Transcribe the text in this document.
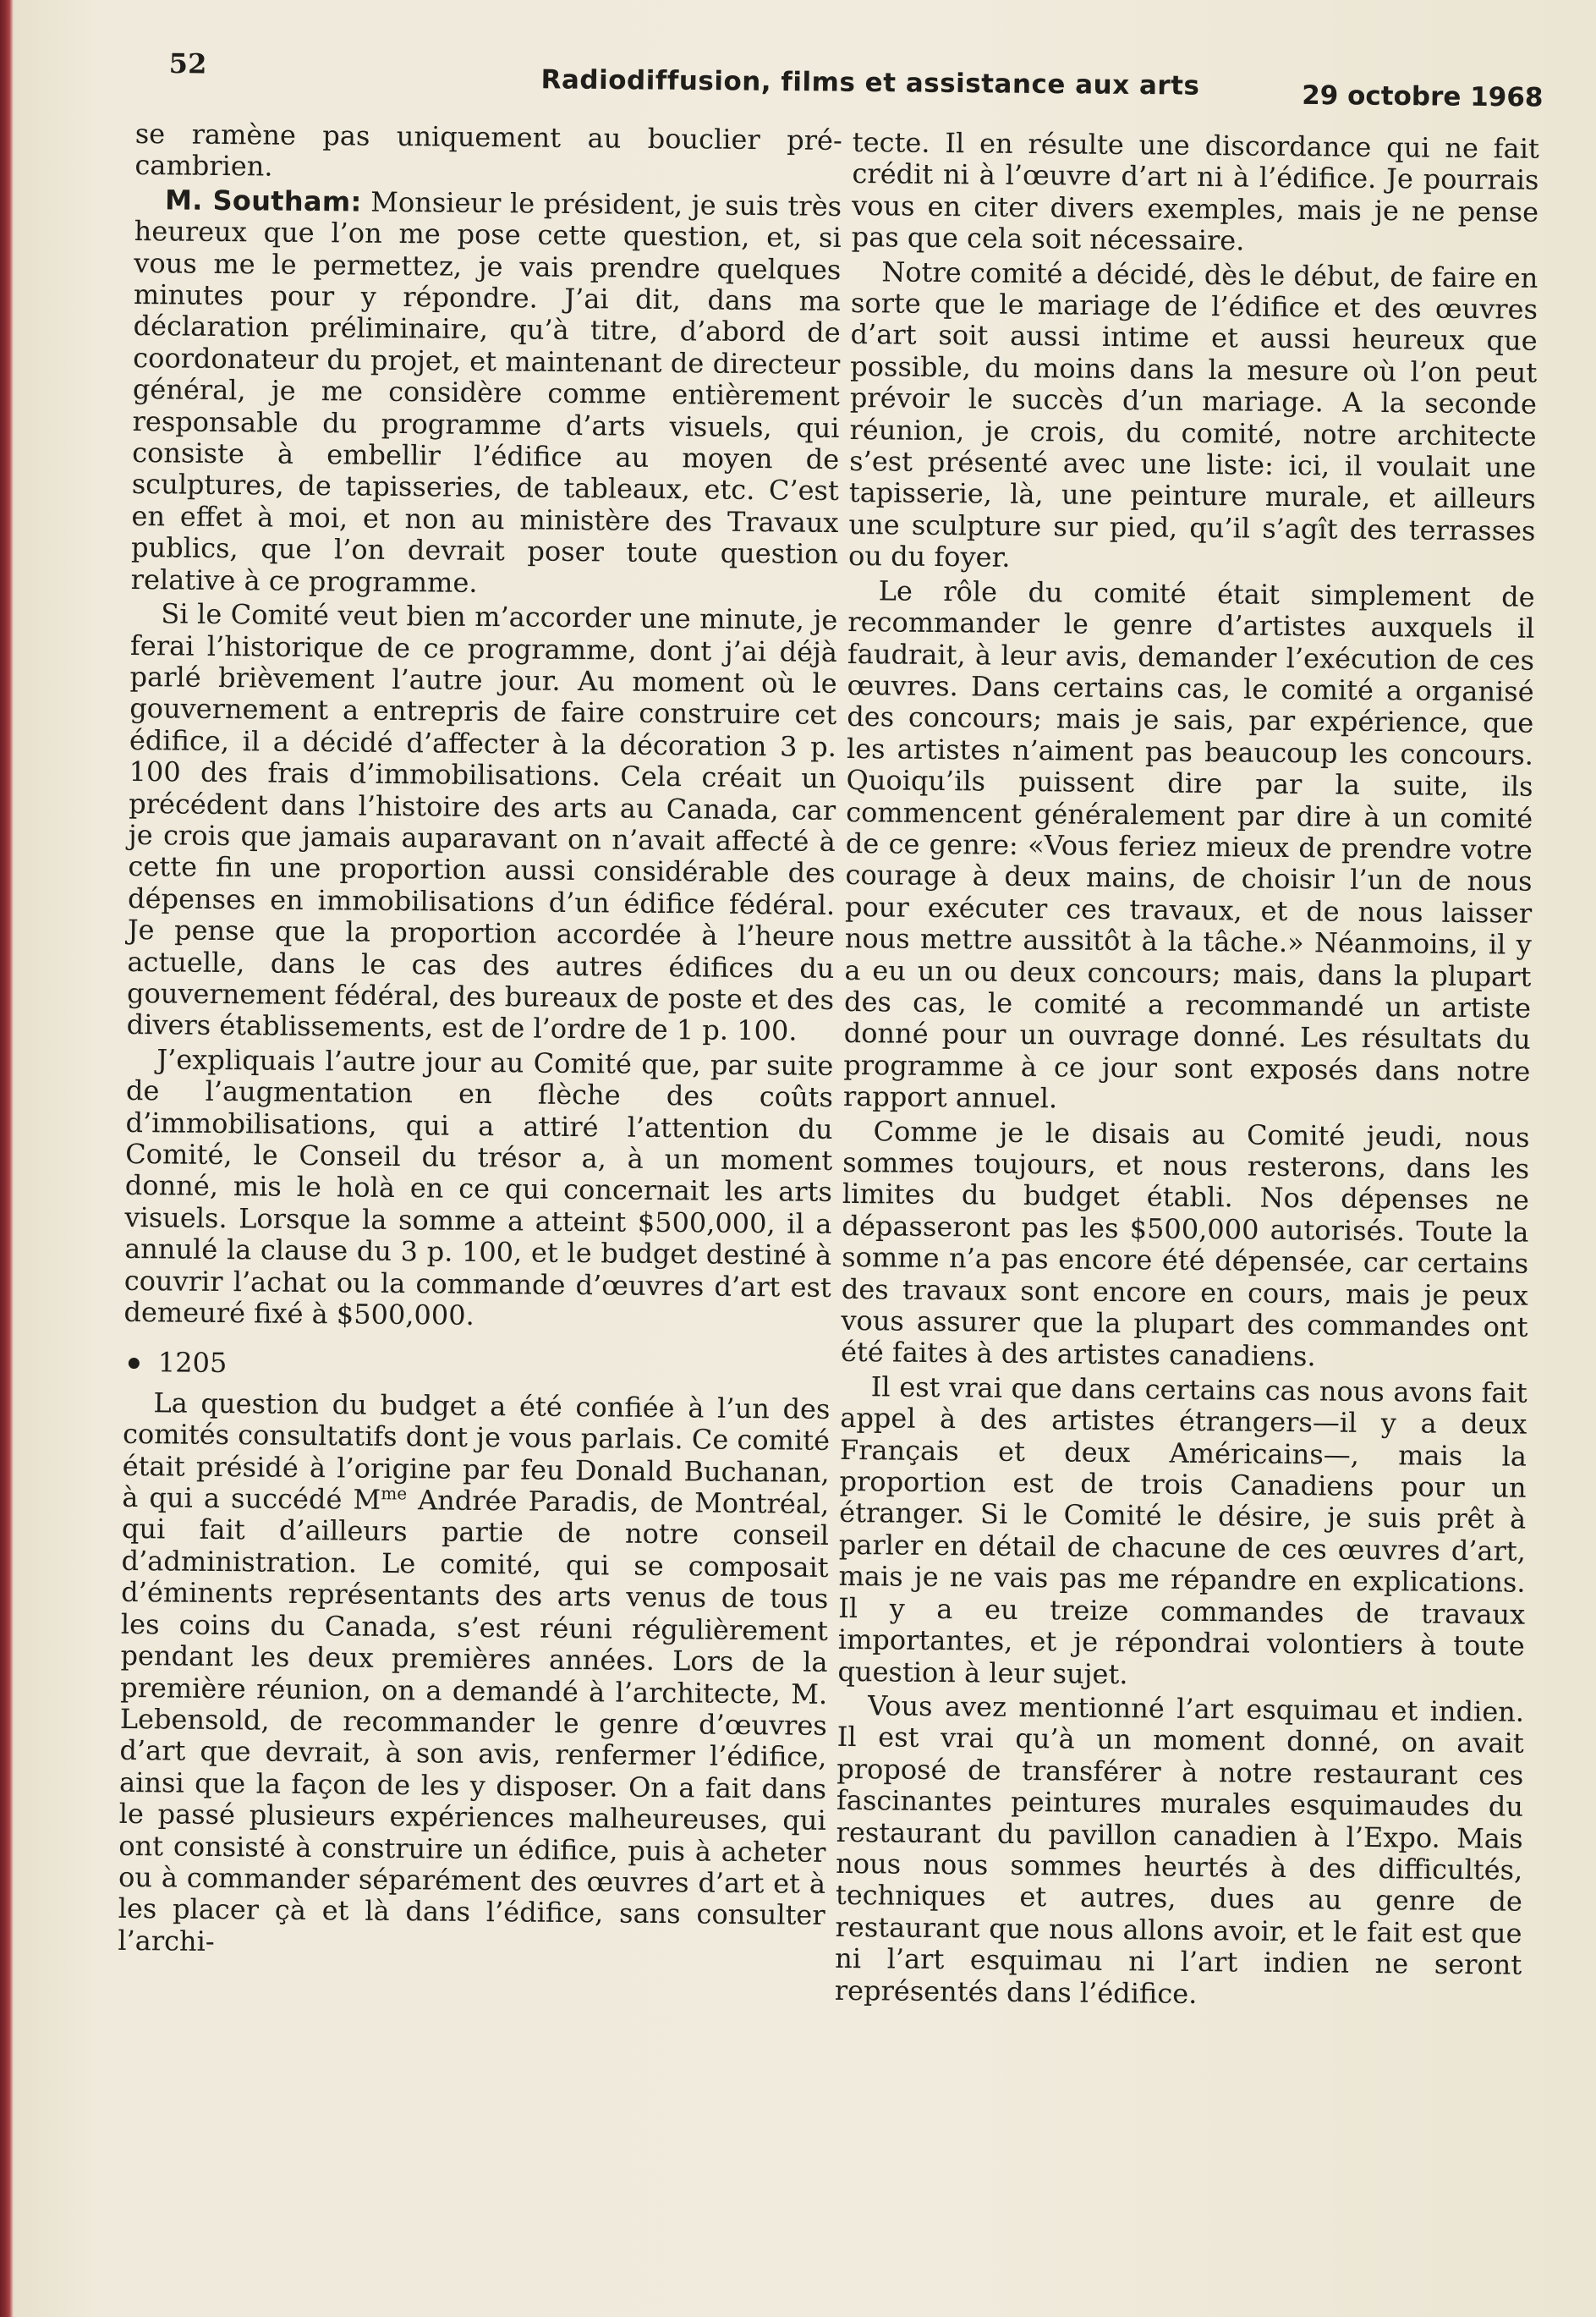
52
Radiodiffusion, films et assistance aux arts	29 octobre 1968

se ramène pas uniquement au bouclier pré-cambrien.

M. Southam: Monsieur le président, je suis très heureux que l’on me pose cette question, et, si vous me le permettez, je vais prendre quelques minutes pour y répondre. J’ai dit, dans ma déclaration préliminaire, qu’à titre, d’abord de coordonateur du projet, et maintenant de directeur général, je me considère comme entièrement responsable du programme d’arts visuels, qui consiste à embellir l’édifice au moyen de sculptures, de tapisseries, de tableaux, etc. C’est en effet à moi, et non au ministère des Travaux publics, que l’on devrait poser toute question relative à ce programme.

Si le Comité veut bien m’accorder une minute, je ferai l’historique de ce programme, dont j’ai déjà parlé brièvement l’autre jour. Au moment où le gouvernement a entrepris de faire construire cet édifice, il a décidé d’affecter à la décoration 3 p. 100 des frais d’immobilisations. Cela créait un précédent dans l’histoire des arts au Canada, car je crois que jamais auparavant on n’avait affecté à cette fin une proportion aussi considérable des dépenses en immobilisations d’un édifice fédéral. Je pense que la proportion accordée à l’heure actuelle, dans le cas des autres édifices du gouvernement fédéral, des bureaux de poste et des divers établissements, est de l’ordre de 1 p. 100.

J’expliquais l’autre jour au Comité que, par suite de l’augmentation en flèche des coûts d’immobilisations, qui a attiré l’attention du Comité, le Conseil du trésor a, à un moment donné, mis le holà en ce qui concernait les arts visuels. Lorsque la somme a atteint $500,000, il a annulé la clause du 3 p. 100, et le budget destiné à couvrir l’achat ou la commande d’œuvres d’art est demeuré fixé à $500,000.

1205

La question du budget a été confiée à l’un des comités consultatifs dont je vous parlais. Ce comité était présidé à l’origine par feu Donald Buchanan, à qui a succédé $M^{me}$ Andrée Paradis, de Montréal, qui fait d’ailleurs partie de notre conseil d’administration. Le comité, qui se composait d’éminents représentants des arts venus de tous les coins du Canada, s’est réuni régulièrement pendant les deux premières années. Lors de la première réunion, on a demandé à l’architecte, M. Lebensold, de recommander le genre d’œuvres d’art que devrait, à son avis, renfermer l’édifice, ainsi que la façon de les y disposer. On a fait dans le passé plusieurs expériences malheureuses, qui ont consisté à construire un édifice, puis à acheter ou à commander séparément des œuvres d’art et à les placer çà et là dans l’édifice, sans consulter l’archi-

tecte. Il en résulte une discordance qui ne fait crédit ni à l’œuvre d’art ni à l’édifice. Je pourrais vous en citer divers exemples, mais je ne pense pas que cela soit nécessaire.

Notre comité a décidé, dès le début, de faire en sorte que le mariage de l’édifice et des œuvres d’art soit aussi intime et aussi heureux que possible, du moins dans la mesure où l’on peut prévoir le succès d’un mariage. A la seconde réunion, je crois, du comité, notre architecte s’est présenté avec une liste: ici, il voulait une tapisserie, là, une peinture murale, et ailleurs une sculpture sur pied, qu’il s’agît des terrasses ou du foyer.

Le rôle du comité était simplement de recommander le genre d’artistes auxquels il faudrait, à leur avis, demander l’exécution de ces œuvres. Dans certains cas, le comité a organisé des concours; mais je sais, par expérience, que les artistes n’aiment pas beaucoup les concours. Quoiqu’ils puissent dire par la suite, ils commencent généralement par dire à un comité de ce genre: «Vous feriez mieux de prendre votre courage à deux mains, de choisir l’un de nous pour exécuter ces travaux, et de nous laisser nous mettre aussitôt à la tâche.» Néanmoins, il y a eu un ou deux concours; mais, dans la plupart des cas, le comité a recommandé un artiste donné pour un ouvrage donné. Les résultats du programme à ce jour sont exposés dans notre rapport annuel.

Comme je le disais au Comité jeudi, nous sommes toujours, et nous resterons, dans les limites du budget établi. Nos dépenses ne dépasseront pas les $500,000 autorisés. Toute la somme n’a pas encore été dépensée, car certains des travaux sont encore en cours, mais je peux vous assurer que la plupart des commandes ont été faites à des artistes canadiens.

Il est vrai que dans certains cas nous avons fait appel à des artistes étrangers—il y a deux Français et deux Américains—, mais la proportion est de trois Canadiens pour un étranger. Si le Comité le désire, je suis prêt à parler en détail de chacune de ces œuvres d’art, mais je ne vais pas me répandre en explications. Il y a eu treize commandes de travaux importantes, et je répondrai volontiers à toute question à leur sujet.

Vous avez mentionné l’art esquimau et indien. Il est vrai qu’à un moment donné, on avait proposé de transférer à notre restaurant ces fascinantes peintures murales esquimaudes du restaurant du pavillon canadien à l’Expo. Mais nous nous sommes heurtés à des difficultés, techniques et autres, dues au genre de restaurant que nous allons avoir, et le fait est que ni l’art esquimau ni l’art indien ne seront représentés dans l’édifice.
